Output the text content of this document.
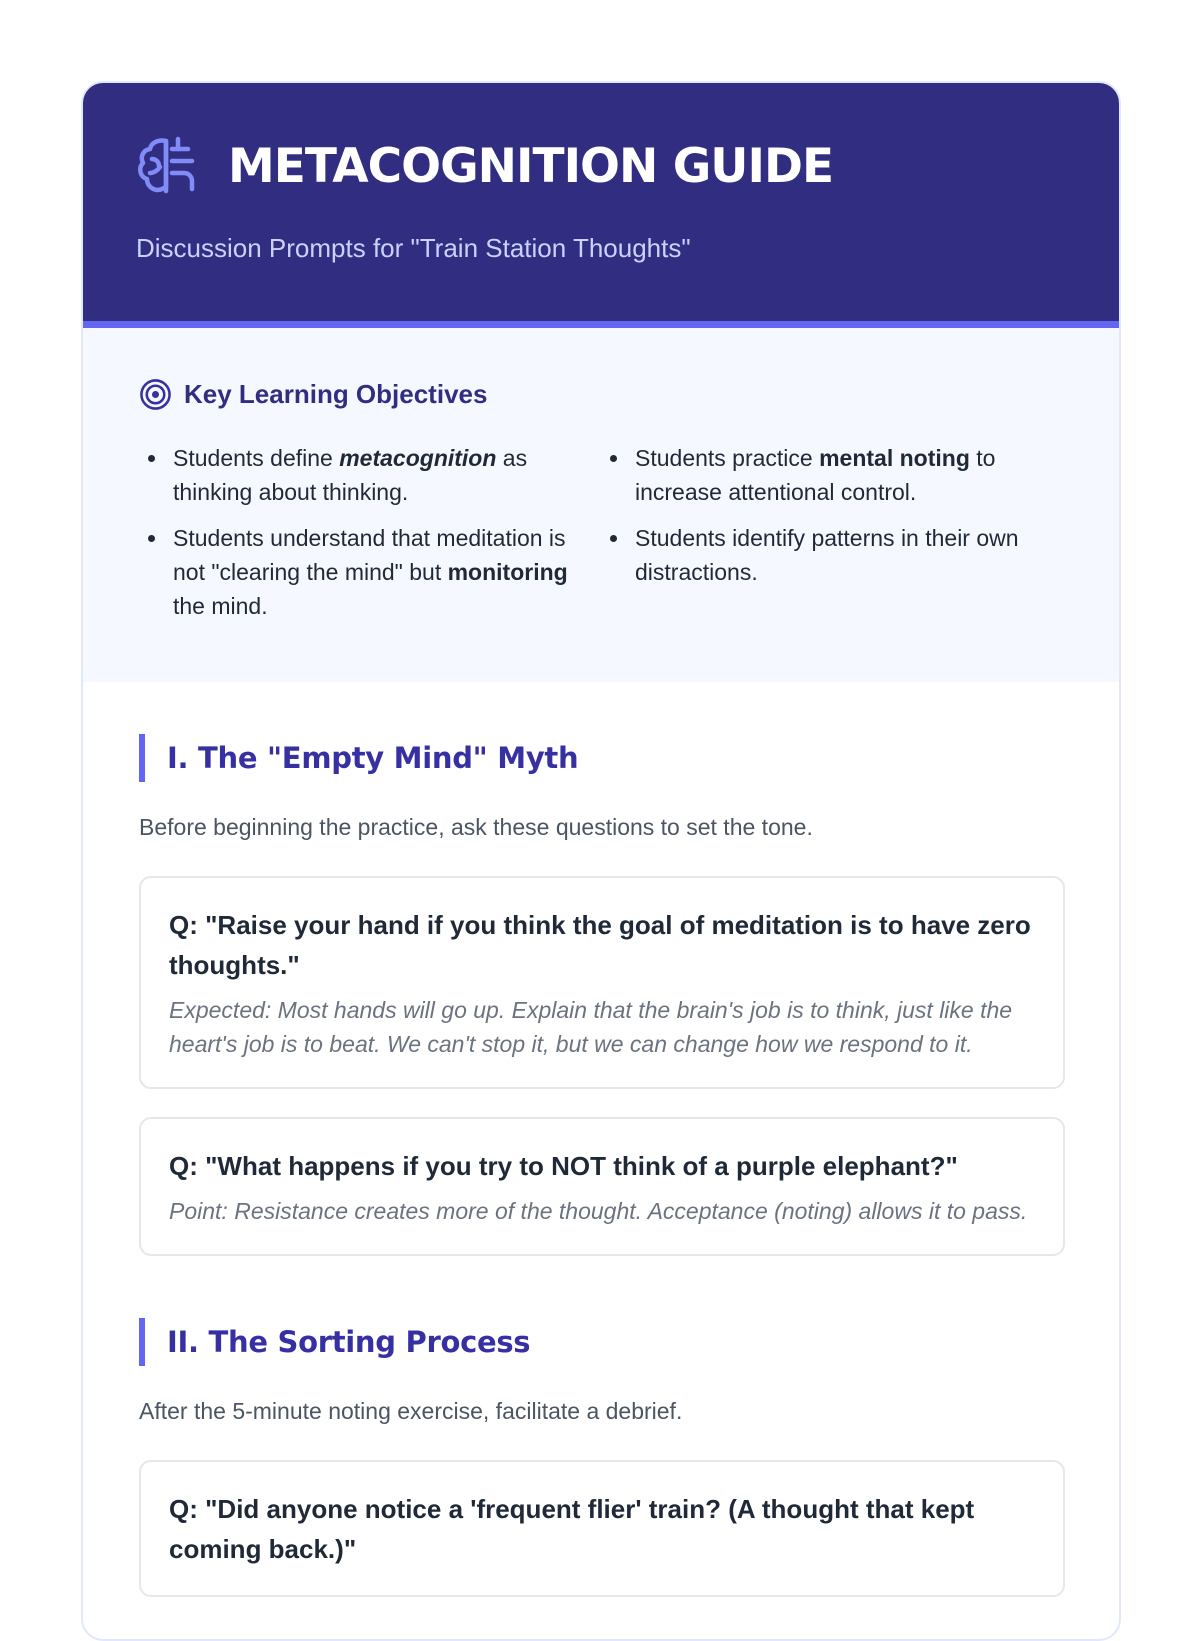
METACOGNITION GUIDE
Discussion Prompts for "Train Station Thoughts"
Key Learning Objectives
Students define metacognition as thinking about thinking.
Students understand that meditation is not "clearing the mind" but monitoring the mind.
Students practice mental noting to increase attentional control.
Students identify patterns in their own distractions.
I. The "Empty Mind" Myth
Before beginning the practice, ask these questions to set the tone.
Q: "Raise your hand if you think the goal of meditation is to have zero thoughts."
Expected: Most hands will go up. Explain that the brain's job is to think, just like the heart's job is to beat. We can't stop it, but we can change how we respond to it.
Q: "What happens if you try to NOT think of a purple elephant?"
Point: Resistance creates more of the thought. Acceptance (noting) allows it to pass.
II. The Sorting Process
After the 5-minute noting exercise, facilitate a debrief.
Q: "Did anyone notice a 'frequent flier' train? (A thought that kept coming back.)"
